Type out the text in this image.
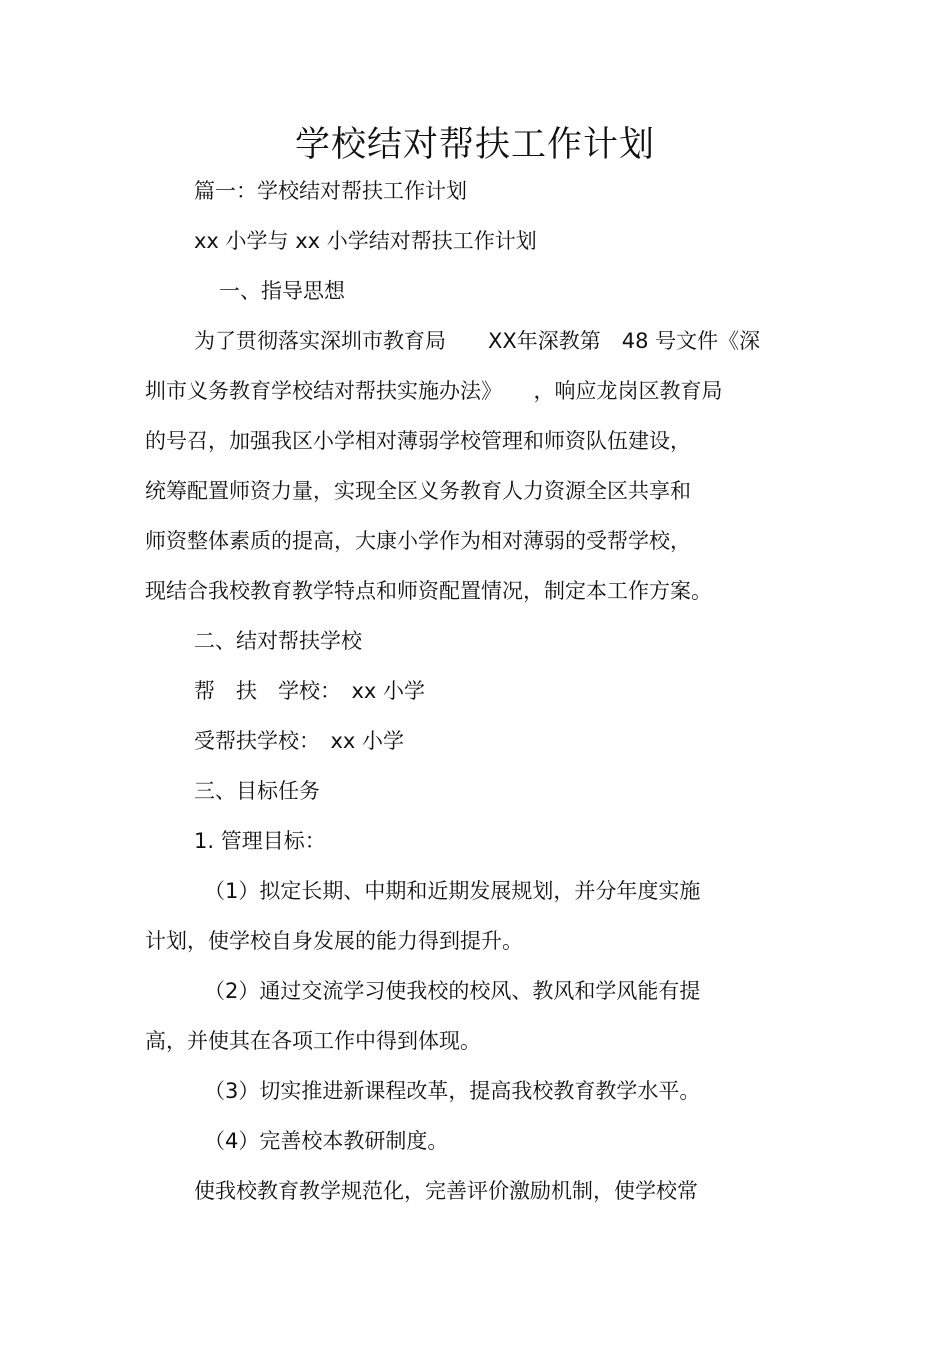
学校结对帮扶工作计划
篇一：学校结对帮扶工作计划
xx 小学与 xx 小学结对帮扶工作计划
一、指导思想
为了贯彻落实深圳市教育局　　XX年深教第　48 号文件《深
圳市义务教育学校结对帮扶实施办法》　　，响应龙岗区教育局
的号召，加强我区小学相对薄弱学校管理和师资队伍建设，
统筹配置师资力量，实现全区义务教育人力资源全区共享和
师资整体素质的提高，大康小学作为相对薄弱的受帮学校，
现结合我校教育教学特点和师资配置情况，制定本工作方案。
二、结对帮扶学校
帮　扶　学校：　xx 小学
受帮扶学校：　xx 小学
三、目标任务
1. 管理目标：
（1）拟定长期、中期和近期发展规划，并分年度实施
计划，使学校自身发展的能力得到提升。
（2）通过交流学习使我校的校风、教风和学风能有提
高，并使其在各项工作中得到体现。
（3）切实推进新课程改革，提高我校教育教学水平。
（4）完善校本教研制度。
使我校教育教学规范化，完善评价激励机制，使学校常
